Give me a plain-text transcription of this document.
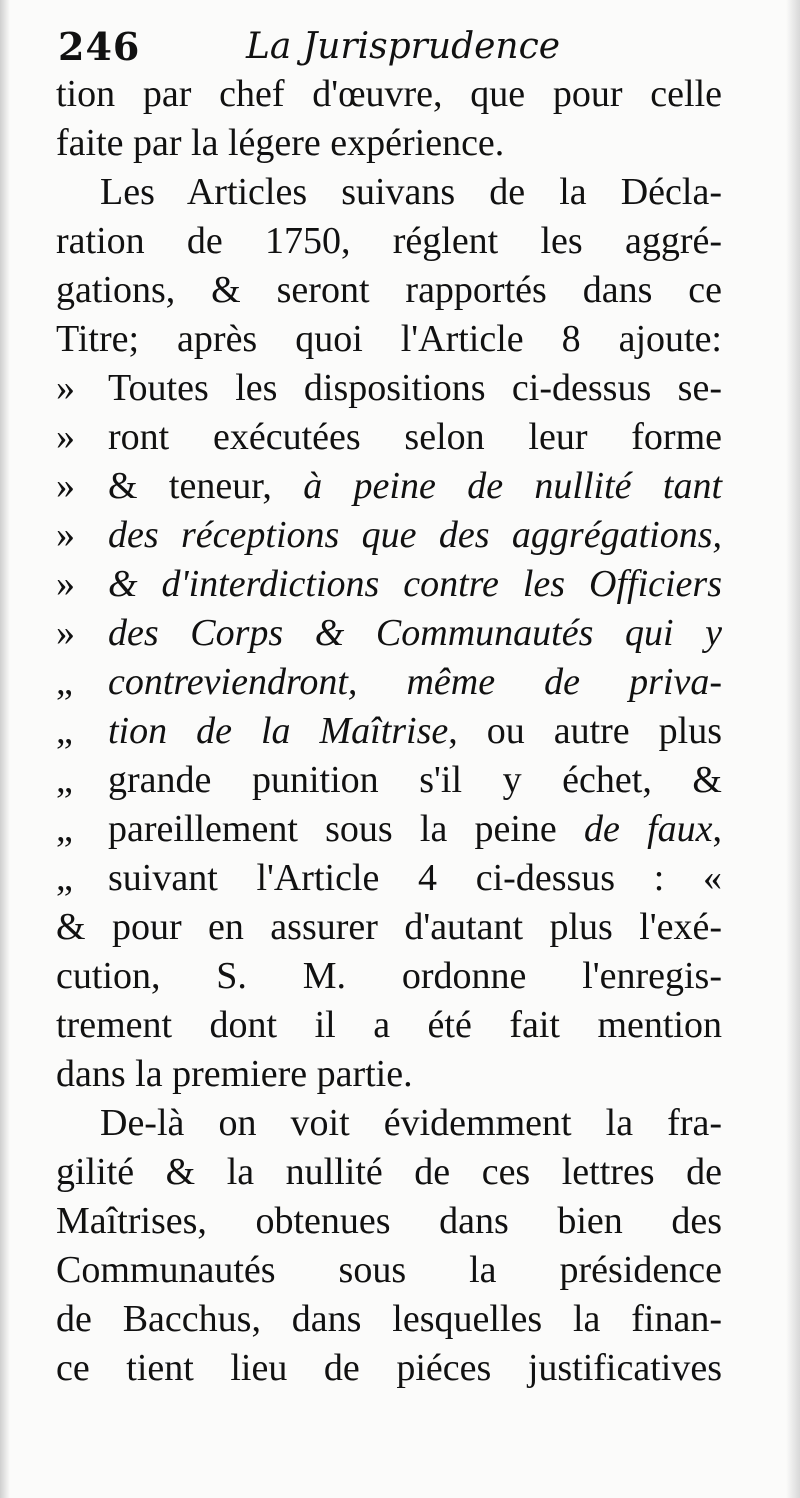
246	La Jurisprudence
tion par chef d'œuvre, que pour celle
faite par la légere expérience.
Les Articles suivans de la Décla-
ration de 1750, réglent les aggré-
gations, & seront rapportés dans ce
Titre; après quoi l'Article 8 ajoute:
» Toutes les dispositions ci-dessus se-
» ront exécutées selon leur forme
» & teneur, à peine de nullité tant
» des réceptions que des aggrégations,
» & d'interdictions contre les Officiers
» des Corps & Communautés qui y
„ contreviendront, même de priva-
„ tion de la Maîtrise, ou autre plus
„ grande punition s'il y échet, &
„ pareillement sous la peine de faux,
„ suivant l'Article 4 ci-dessus : «
& pour en assurer d'autant plus l'exé-
cution, S. M. ordonne l'enregis-
trement dont il a été fait mention
dans la premiere partie.
De-là on voit évidemment la fra-
gilité & la nullité de ces lettres de
Maîtrises, obtenues dans bien des
Communautés sous la présidence
de Bacchus, dans lesquelles la finan-
ce tient lieu de piéces justificatives
